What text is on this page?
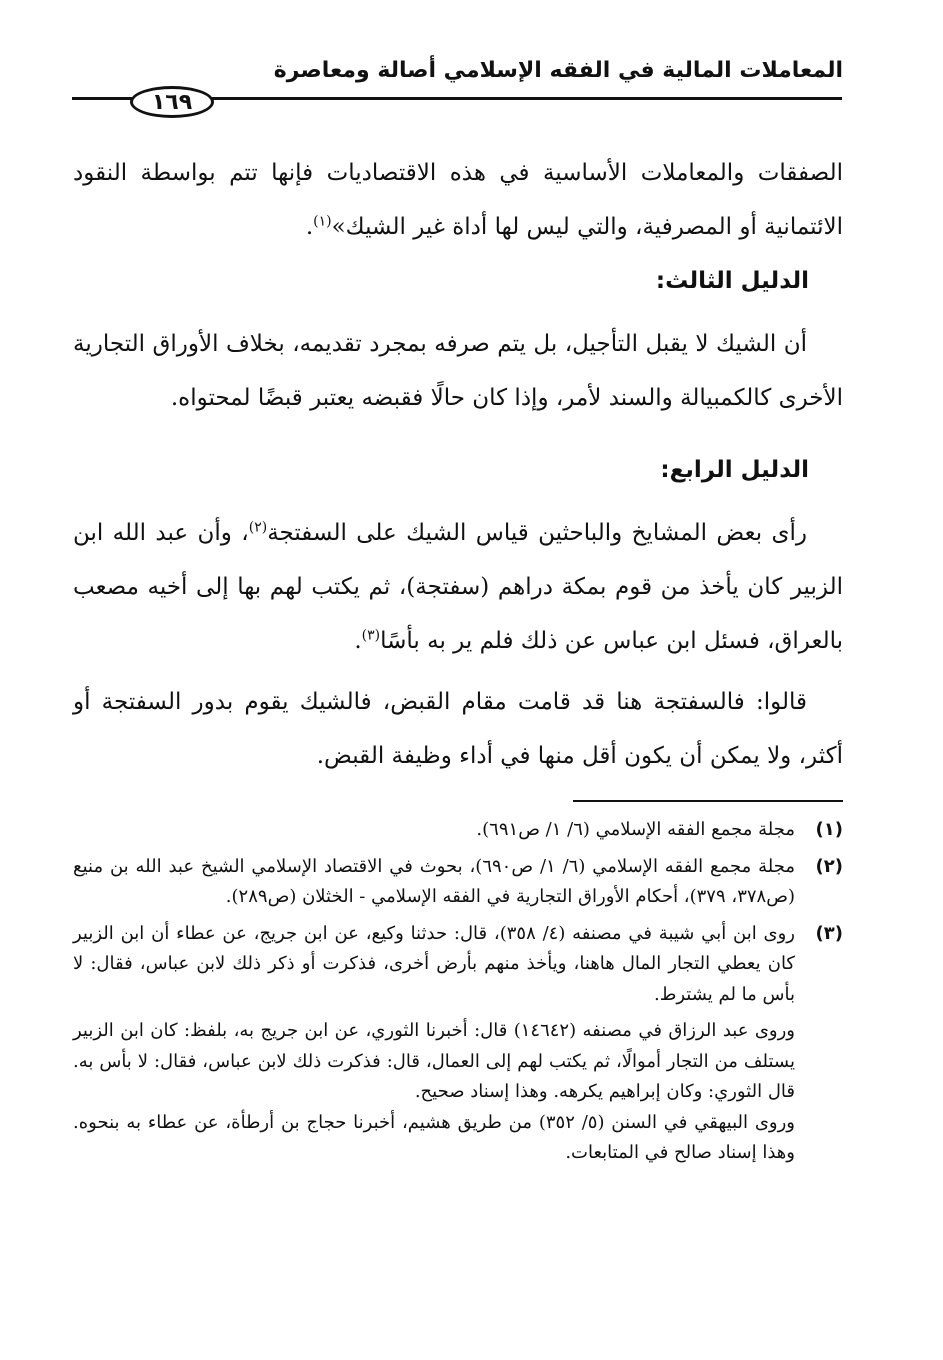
المعاملات المالية في الفقه الإسلامي أصالة ومعاصرة
١٦٩
الصفقات والمعاملات الأساسية في هذه الاقتصاديات فإنها تتم بواسطة النقود الائتمانية أو المصرفية، والتي ليس لها أداة غير الشيك»$^{(١)}$.
الدليل الثالث:
أن الشيك لا يقبل التأجيل، بل يتم صرفه بمجرد تقديمه، بخلاف الأوراق التجارية الأخرى كالكمبيالة والسند لأمر، وإذا كان حالًا فقبضه يعتبر قبضًا لمحتواه.
الدليل الرابع:
رأى بعض المشايخ والباحثين قياس الشيك على السفتجة$^{(٢)}$، وأن عبد الله ابن الزبير كان يأخذ من قوم بمكة دراهم (سفتجة)، ثم يكتب لهم بها إلى أخيه مصعب بالعراق، فسئل ابن عباس عن ذلك فلم ير به بأسًا$^{(٣)}$.
قالوا: فالسفتجة هنا قد قامت مقام القبض، فالشيك يقوم بدور السفتجة أو أكثر، ولا يمكن أن يكون أقل منها في أداء وظيفة القبض.
(١)
مجلة مجمع الفقه الإسلامي (٦/ ١/ ص٦٩١).
(٢)
مجلة مجمع الفقه الإسلامي (٦/ ١/ ص٦٩٠)، بحوث في الاقتصاد الإسلامي الشيخ عبد الله بن منيع (ص٣٧٨، ٣٧٩)، أحكام الأوراق التجارية في الفقه الإسلامي - الخثلان (ص٢٨٩).
(٣)
روى ابن أبي شيبة في مصنفه (٤/ ٣٥٨)، قال: حدثنا وكيع، عن ابن جريج، عن عطاء أن ابن الزبير كان يعطي التجار المال هاهنا، ويأخذ منهم بأرض أخرى، فذكرت أو ذكر ذلك لابن عباس، فقال: لا بأس ما لم يشترط.
وروى عبد الرزاق في مصنفه (١٤٦٤٢) قال: أخبرنا الثوري، عن ابن جريج به، بلفظ: كان ابن الزبير يستلف من التجار أموالًا، ثم يكتب لهم إلى العمال، قال: فذكرت ذلك لابن عباس، فقال: لا بأس به. قال الثوري: وكان إبراهيم يكرهه. وهذا إسناد صحيح.
وروى البيهقي في السنن (٥/ ٣٥٢) من طريق هشيم، أخبرنا حجاج بن أرطأة، عن عطاء به بنحوه. وهذا إسناد صالح في المتابعات.
